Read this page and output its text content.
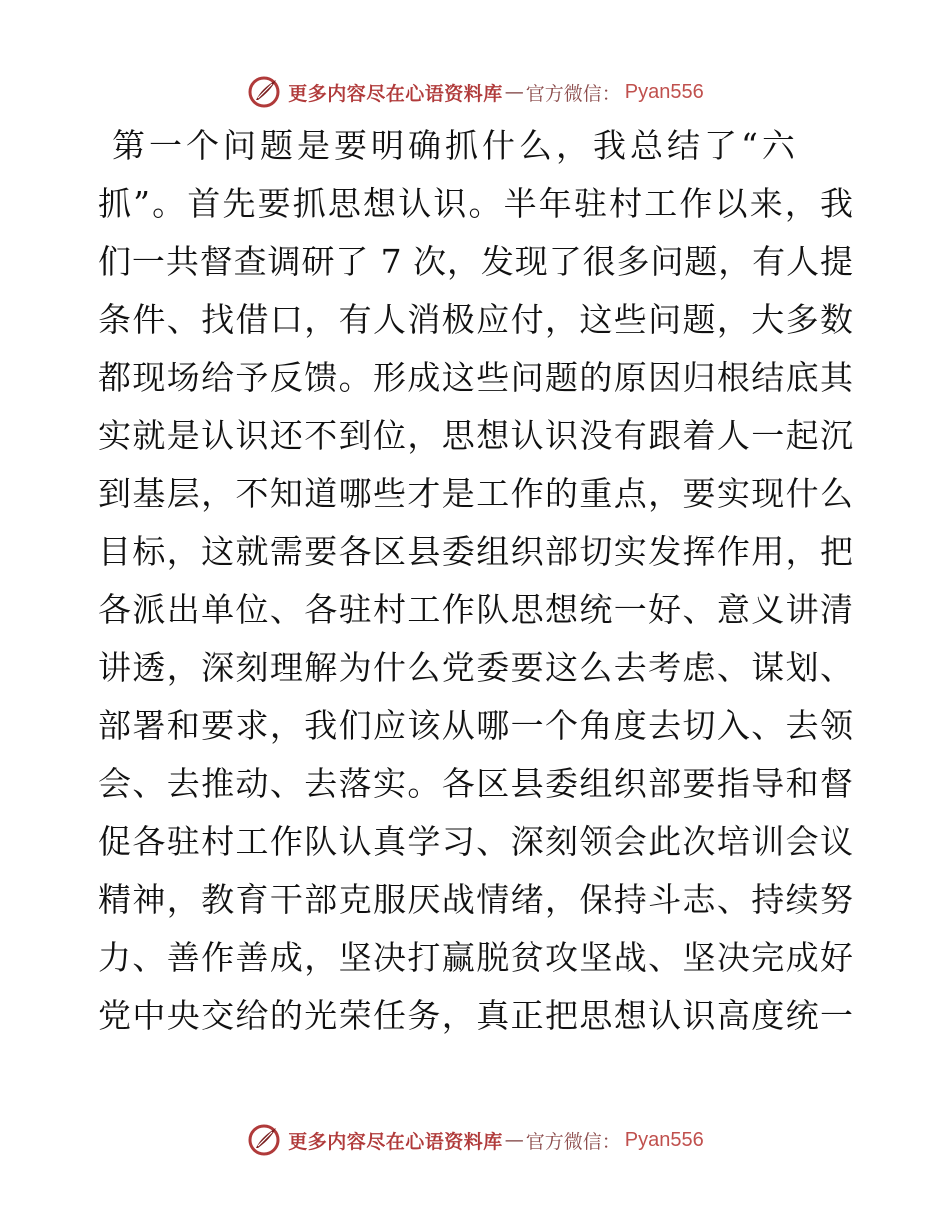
更多内容尽在心语资料库 — 官方微信： Pyan556
第一个问题是要明确抓什么，我总结了“六
抓”。首先要抓思想认识。半年驻村工作以来，我
们一共督查调研了 7 次，发现了很多问题，有人提
条件、找借口，有人消极应付，这些问题，大多数
都现场给予反馈。形成这些问题的原因归根结底其
实就是认识还不到位，思想认识没有跟着人一起沉
到基层，不知道哪些才是工作的重点，要实现什么
目标，这就需要各区县委组织部切实发挥作用，把
各派出单位、各驻村工作队思想统一好、意义讲清
讲透，深刻理解为什么党委要这么去考虑、谋划、
部署和要求，我们应该从哪一个角度去切入、去领
会、去推动、去落实。各区县委组织部要指导和督
促各驻村工作队认真学习、深刻领会此次培训会议
精神，教育干部克服厌战情绪，保持斗志、持续努
力、善作善成，坚决打赢脱贫攻坚战、坚决完成好
党中央交给的光荣任务，真正把思想认识高度统一
更多内容尽在心语资料库 — 官方微信： Pyan556
